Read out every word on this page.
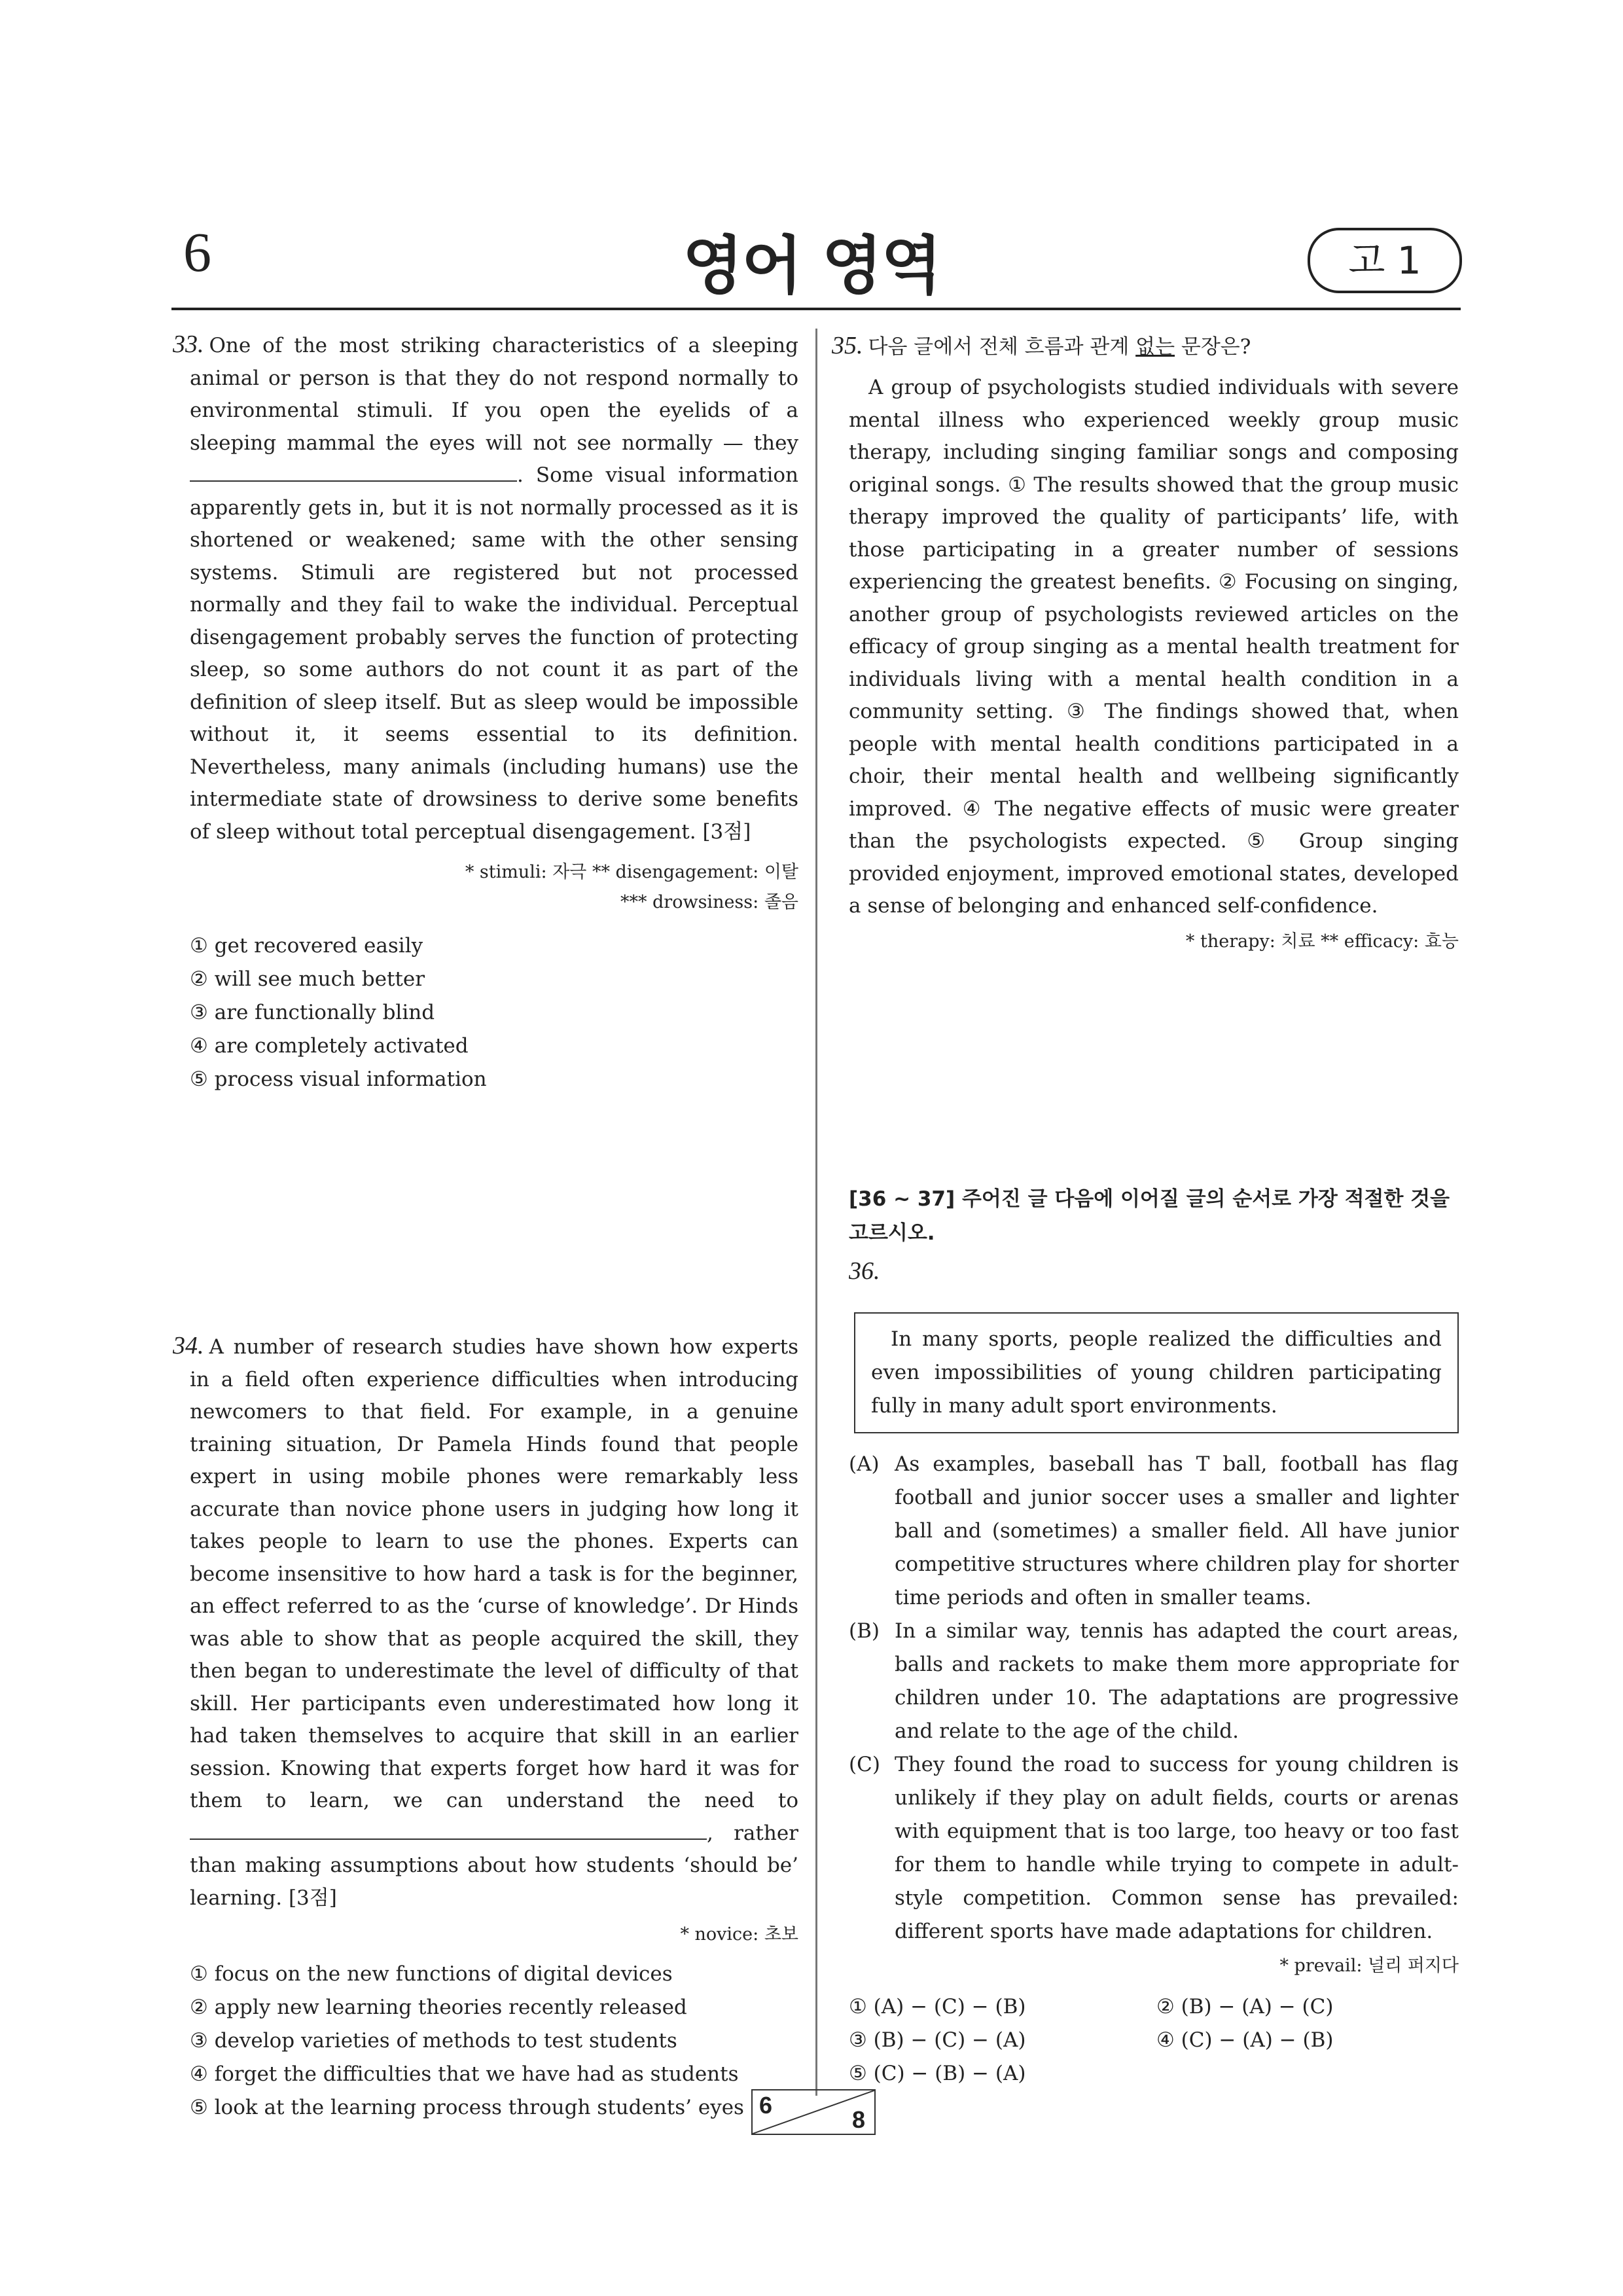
6	영어 영역	고 1
33. One of the most striking characteristics of a sleeping animal or person is that they do not respond normally to environmental stimuli. If you open the eyelids of a sleeping mammal the eyes will not see normally — they . Some visual information apparently gets in, but it is not normally processed as it is shortened or weakened; same with the other sensing systems. Stimuli are registered but not processed normally and they fail to wake the individual. Perceptual disengagement probably serves the function of protecting sleep, so some authors do not count it as part of the definition of sleep itself. But as sleep would be impossible without it, it seems essential to its definition. Nevertheless, many animals (including humans) use the intermediate state of drowsiness to derive some benefits of sleep without total perceptual disengagement. [3점]
* stimuli: 자극 ** disengagement: 이탈
*** drowsiness: 졸음
① get recovered easily
② will see much better
③ are functionally blind
④ are completely activated
⑤ process visual information
34. A number of research studies have shown how experts in a field often experience difficulties when introducing newcomers to that field. For example, in a genuine training situation, Dr Pamela Hinds found that people expert in using mobile phones were remarkably less accurate than novice phone users in judging how long it takes people to learn to use the phones. Experts can become insensitive to how hard a task is for the beginner, an effect referred to as the ‘curse of knowledge’. Dr Hinds was able to show that as people acquired the skill, they then began to underestimate the level of difficulty of that skill. Her participants even underestimated how long it had taken themselves to acquire that skill in an earlier session. Knowing that experts forget how hard it was for them to learn, we can understand the need to , rather than making assumptions about how students ‘should be’ learning. [3점]
* novice: 초보
① focus on the new functions of digital devices
② apply new learning theories recently released
③ develop varieties of methods to test students
④ forget the difficulties that we have had as students
⑤ look at the learning process through students’ eyes
35. 다음 글에서 전체 흐름과 관계 없는 문장은?
A group of psychologists studied individuals with severe mental illness who experienced weekly group music therapy, including singing familiar songs and composing original songs. ① The results showed that the group music therapy improved the quality of participants’ life, with those participating in a greater number of sessions experiencing the greatest benefits. ② Focusing on singing, another group of psychologists reviewed articles on the efficacy of group singing as a mental health treatment for individuals living with a mental health condition in a community setting. ③ The findings showed that, when people with mental health conditions participated in a choir, their mental health and wellbeing significantly improved. ④ The negative effects of music were greater than the psychologists expected. ⑤ Group singing provided enjoyment, improved emotional states, developed a sense of belonging and enhanced self-confidence.
* therapy: 치료 ** efficacy: 효능
[36 ~ 37] 주어진 글 다음에 이어질 글의 순서로 가장 적절한 것을 고르시오.
36.
In many sports, people realized the difficulties and even impossibilities of young children participating fully in many adult sport environments.
(A) As examples, baseball has T ball, football has flag football and junior soccer uses a smaller and lighter ball and (sometimes) a smaller field. All have junior competitive structures where children play for shorter time periods and often in smaller teams.
(B) In a similar way, tennis has adapted the court areas, balls and rackets to make them more appropriate for children under 10. The adaptations are progressive and relate to the age of the child.
(C) They found the road to success for young children is unlikely if they play on adult fields, courts or arenas with equipment that is too large, too heavy or too fast for them to handle while trying to compete in adult-style competition. Common sense has prevailed: different sports have made adaptations for children.
* prevail: 널리 퍼지다
① (A) − (C) − (B)	② (B) − (A) − (C)
③ (B) − (C) − (A)	④ (C) − (A) − (B)
⑤ (C) − (B) − (A)
6
8
